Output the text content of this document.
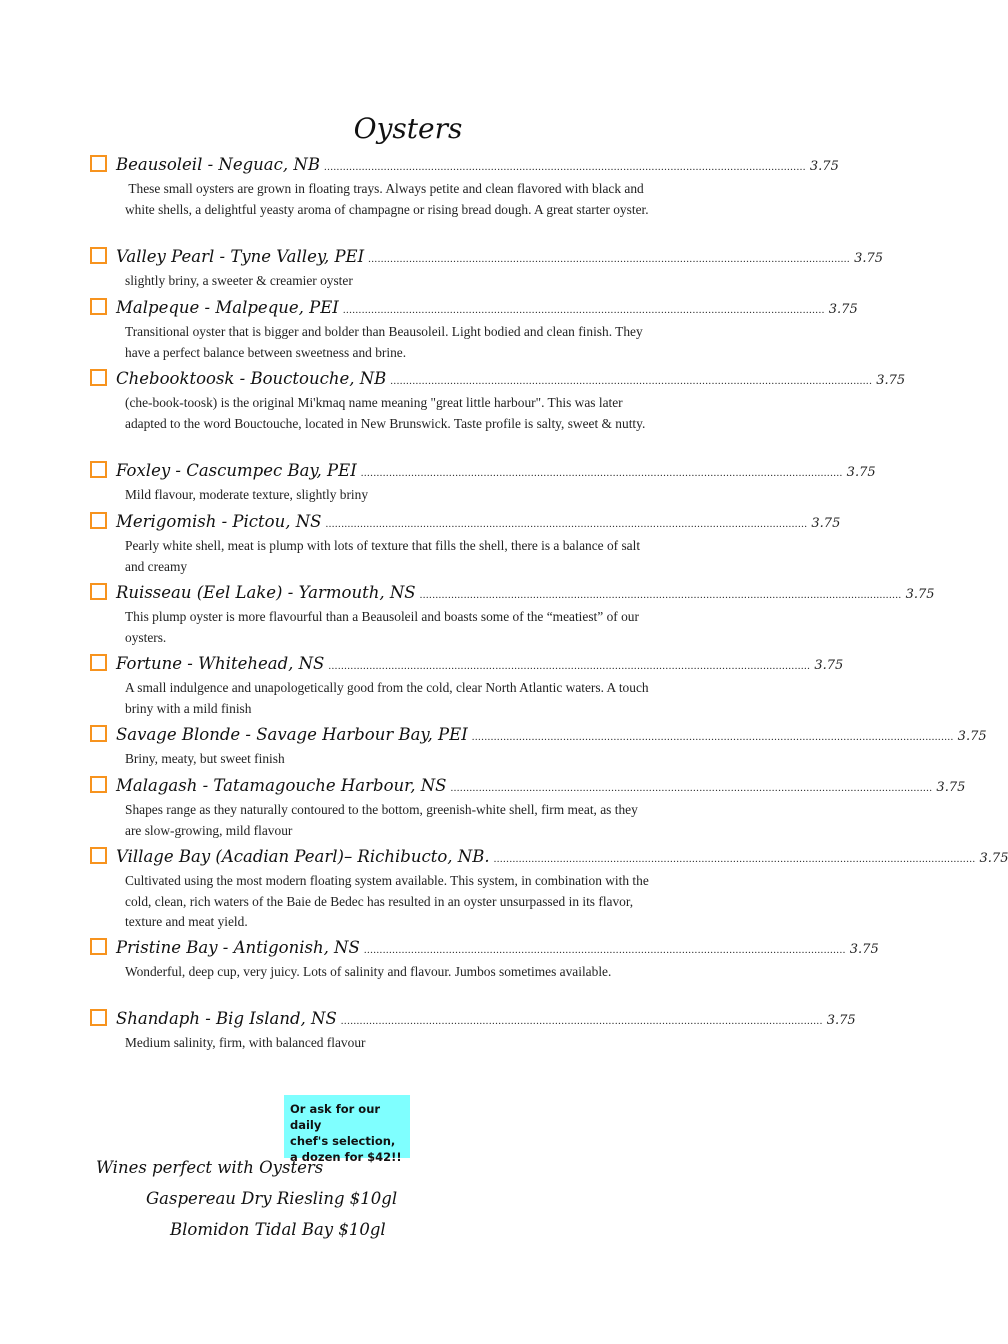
Oysters
Beausoleil - Neguac, NB ......................................................................................................................................................... 3.75
These small oysters are grown in floating trays. Always petite and clean flavored with black and white shells, a delightful yeasty aroma of champagne or rising bread dough. A great starter oyster.
Valley Pearl - Tyne Valley, PEI ......................................................................................................................................................... 3.75
slightly briny, a sweeter & creamier oyster
Malpeque - Malpeque, PEI ......................................................................................................................................................... 3.75
Transitional oyster that is bigger and bolder than Beausoleil. Light bodied and clean finish. They have a perfect balance between sweetness and brine.
Chebooktoosk - Bouctouche, NB ......................................................................................................................................................... 3.75
(che-book-toosk) is the original Mi'kmaq name meaning "great little harbour". This was later adapted to the word Bouctouche, located in New Brunswick. Taste profile is salty, sweet & nutty.
Foxley - Cascumpec Bay, PEI ......................................................................................................................................................... 3.75
Mild flavour, moderate texture, slightly briny
Merigomish - Pictou, NS ......................................................................................................................................................... 3.75
Pearly white shell, meat is plump with lots of texture that fills the shell, there is a balance of salt and creamy
Ruisseau (Eel Lake) - Yarmouth, NS ......................................................................................................................................................... 3.75
This plump oyster is more flavourful than a Beausoleil and boasts some of the “meatiest” of our oysters.
Fortune - Whitehead, NS ......................................................................................................................................................... 3.75
A small indulgence and unapologetically good from the cold, clear North Atlantic waters. A touch briny with a mild finish
Savage Blonde - Savage Harbour Bay, PEI ......................................................................................................................................................... 3.75
Briny, meaty, but sweet finish
Malagash - Tatamagouche Harbour, NS ......................................................................................................................................................... 3.75
Shapes range as they naturally contoured to the bottom, greenish-white shell, firm meat, as they are slow-growing, mild flavour
Village Bay (Acadian Pearl)– Richibucto, NB. ......................................................................................................................................................... 3.75
Cultivated using the most modern floating system available. This system, in combination with the cold, clean, rich waters of the Baie de Bedec has resulted in an oyster unsurpassed in its flavor, texture and meat yield.
Pristine Bay - Antigonish, NS ......................................................................................................................................................... 3.75
Wonderful, deep cup, very juicy. Lots of salinity and flavour. Jumbos sometimes available.
Shandaph - Big Island, NS ......................................................................................................................................................... 3.75
Medium salinity, firm, with balanced flavour
Or ask for our daily
chef's selection,
a dozen for $42!!
Wines perfect with Oysters
Gaspereau Dry Riesling $10gl
Blomidon Tidal Bay $10gl
